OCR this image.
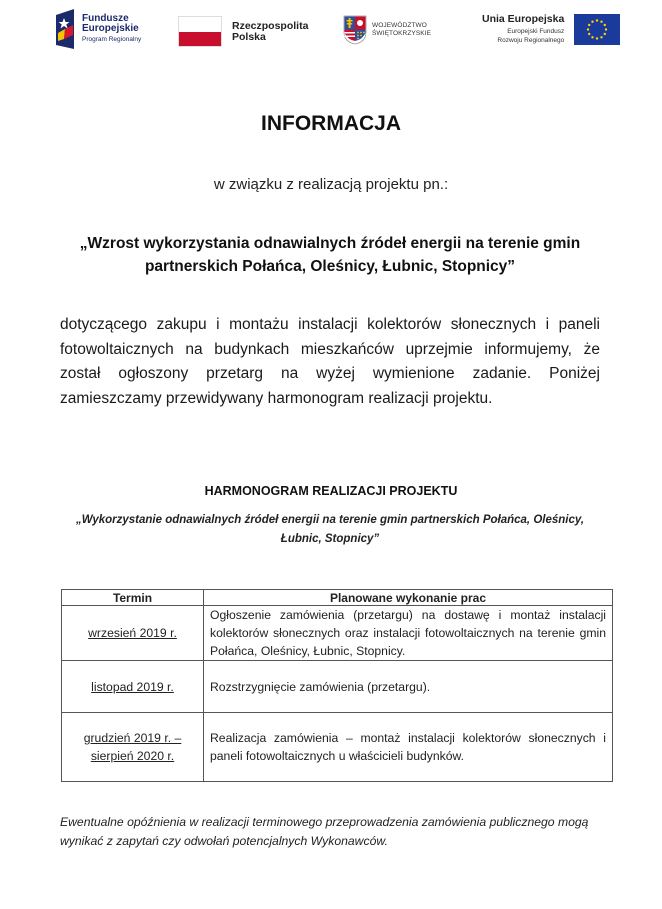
Fundusze
Europejskie
Program Regionalny
Rzeczpospolita
Polska
WOJEWÓDZTWO
ŚWIĘTOKRZYSKIE
Unia Europejska
Europejski Fundusz
Rozwoju Regionalnego
INFORMACJA

w związku z realizacją projektu pn.:

„Wzrost wykorzystania odnawialnych źródeł energii na terenie gmin partnerskich Połańca, Oleśnicy, Łubnic, Stopnicy”

dotyczącego zakupu i montażu instalacji kolektorów słonecznych i paneli fotowoltaicznych na budynkach mieszkańców uprzejmie informujemy, że został ogłoszony przetarg na wyżej wymienione zadanie. Poniżej zamieszczamy przewidywany harmonogram realizacji projektu.

HARMONOGRAM REALIZACJI PROJEKTU

„Wykorzystanie odnawialnych źródeł energii na terenie gmin partnerskich Połańca, Oleśnicy, Łubnic, Stopnicy”

Termin	Planowane wykonanie prac
wrzesień 2019 r.	Ogłoszenie zamówienia (przetargu) na dostawę i montaż instalacji kolektorów słonecznych oraz instalacji fotowoltaicznych na terenie gmin Połańca, Oleśnicy, Łubnic, Stopnicy.
listopad 2019 r.	Rozstrzygnięcie zamówienia (przetargu).
grudzień 2019 r. –
sierpień 2020 r.	Realizacja zamówienia – montaż instalacji kolektorów słonecznych i paneli fotowoltaicznych u właścicieli budynków.

Ewentualne opóźnienia w realizacji terminowego przeprowadzenia zamówienia publicznego mogą wynikać z zapytań czy odwołań potencjalnych Wykonawców.
